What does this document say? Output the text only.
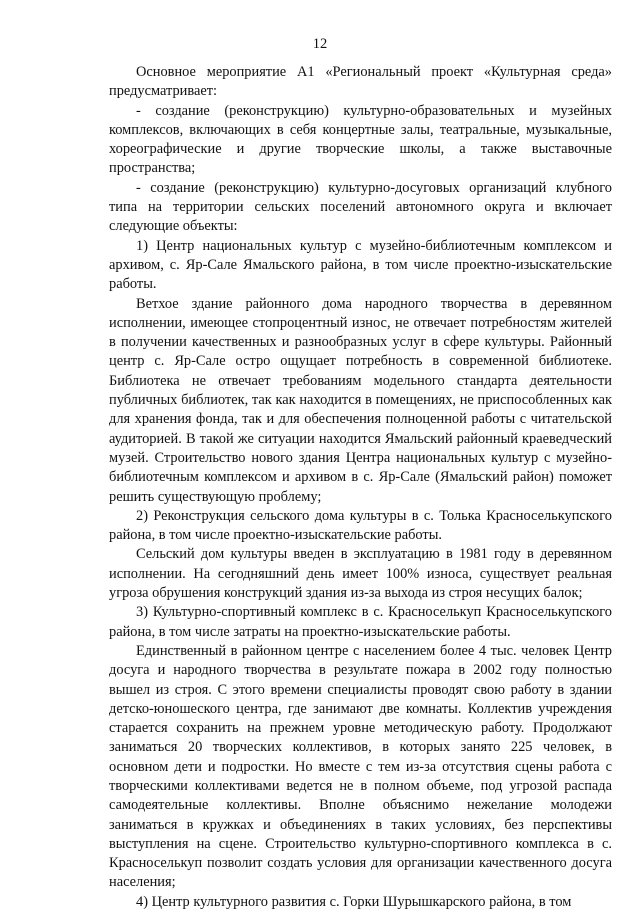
12

Основное мероприятие А1 «Региональный проект «Культурная среда» предусматривает:

- создание (реконструкцию) культурно-образовательных и музейных комплексов, включающих в себя концертные залы, театральные, музыкальные, хореографические и другие творческие школы, а также выставочные пространства;

- создание (реконструкцию) культурно-досуговых организаций клубного типа на территории сельских поселений автономного округа и включает следующие объекты:

1) Центр национальных культур с музейно-библиотечным комплексом и архивом, с. Яр-Сале Ямальского района, в том числе проектно-изыскательские работы.

Ветхое здание районного дома народного творчества в деревянном исполнении, имеющее стопроцентный износ, не отвечает потребностям жителей в получении качественных и разнообразных услуг в сфере культуры. Районный центр с. Яр-Сале остро ощущает потребность в современной библиотеке. Библиотека не отвечает требованиям модельного стандарта деятельности публичных библиотек, так как находится в помещениях, не приспособленных как для хранения фонда, так и для обеспечения полноценной работы с читательской аудиторией. В такой же ситуации находится Ямальский районный краеведческий музей. Строительство нового здания Центра национальных культур с музейно-библиотечным комплексом и архивом в с. Яр-Сале (Ямальский район) поможет решить существующую проблему;

2) Реконструкция сельского дома культуры в с. Толька Красноселькупского района, в том числе проектно-изыскательские работы.

Сельский дом культуры введен в эксплуатацию в 1981 году в деревянном исполнении. На сегодняшний день имеет 100% износа, существует реальная угроза обрушения конструкций здания из-за выхода из строя несущих балок;

3) Культурно-спортивный комплекс в с. Красноселькуп Красноселькупского района, в том числе затраты на проектно-изыскательские работы.

Единственный в районном центре с населением более 4 тыс. человек Центр досуга и народного творчества в результате пожара в 2002 году полностью вышел из строя. С этого времени специалисты проводят свою работу в здании детско-юношеского центра, где занимают две комнаты. Коллектив учреждения старается сохранить на прежнем уровне методическую работу. Продолжают заниматься 20 творческих коллективов, в которых занято 225 человек, в основном дети и подростки. Но вместе с тем из-за отсутствия сцены работа с творческими коллективами ведется не в полном объеме, под угрозой распада самодеятельные коллективы. Вполне объяснимо нежелание молодежи заниматься в кружках и объединениях в таких условиях, без перспективы выступления на сцене. Строительство культурно-спортивного комплекса в с. Красноселькуп позволит создать условия для организации качественного досуга населения;

4) Центр культурного развития с. Горки Шурышкарского района, в том
